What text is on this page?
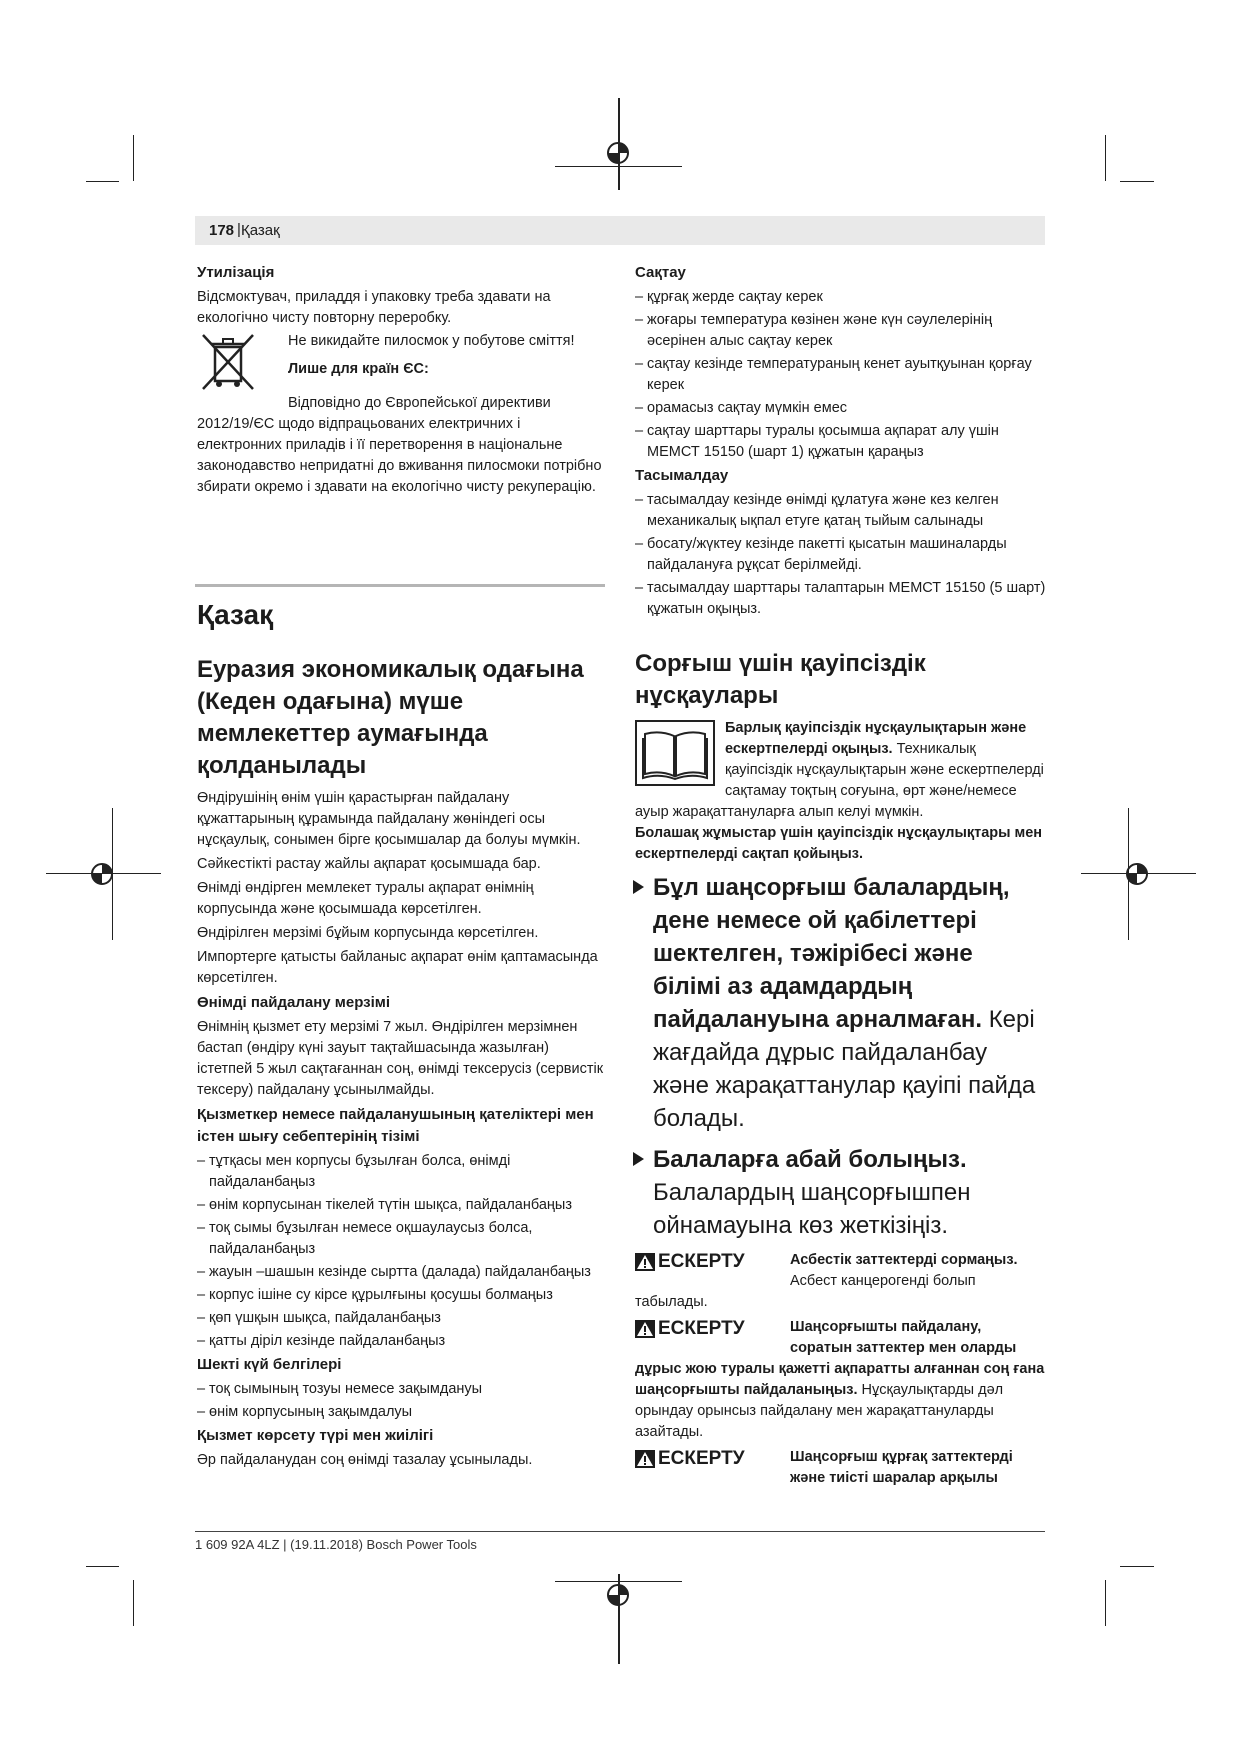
178 | Қазақ
Утилізація

Відсмоктувач, приладдя і упаковку треба здавати на екологічно чисту повторну переробку.

Не викидайте пилосмок у побутове сміття!

Лише для країн ЄС:

Відповідно до Європейської директиви

2012/19/ЄС щодо відпрацьованих електричних і електронних приладів і її перетворення в національне законодавство непридатні до вживання пилосмоки потрібно збирати окремо і здавати на екологічно чисту рекуперацію.

Қазақ
Еуразия экономикалық одағына (Кеден одағына) мүше мемлекеттер аумағында қолданылады

Өндірушінің өнім үшін қарастырған пайдалану құжаттарының құрамында пайдалану жөніндегі осы нұсқаулық, сонымен бірге қосымшалар да болуы мүмкін.

Сәйкестікті растау жайлы ақпарат қосымшада бар.

Өнімді өндірген мемлекет туралы ақпарат өнімнің корпусында және қосымшада көрсетілген.

Өндірілген мерзімі бұйым корпусында көрсетілген.

Импортерге қатысты байланыс ақпарат өнім қаптамасында көрсетілген.

Өнімді пайдалану мерзімі

Өнімнің қызмет ету мерзімі 7 жыл. Өндірілген мерзімнен бастап (өндіру күні зауыт тақтайшасында жазылған) істетпей 5 жыл сақтағаннан соң, өнімді тексерусіз (сервистік тексеру) пайдалану ұсынылмайды.

Қызметкер немесе пайдаланушының қателіктері мен істен шығу себептерінің тізімі
– тұтқасы мен корпусы бұзылған болса, өнімді пайдаланбаңыз
– өнім корпусынан тікелей түтін шықса, пайдаланбаңыз
– тоқ сымы бұзылған немесе оқшаулаусыз болса, пайдаланбаңыз
– жауын –шашын кезінде сыртта (далада) пайдаланбаңыз
– корпус ішіне су кірсе құрылғыны қосушы болмаңыз
– қөп үшқын шықса, пайдаланбаңыз
– қатты діріл кезінде пайдаланбаңыз
Шекті күй белгілері
– тоқ сымының тозуы немесе зақымдануы
– өнім корпусының зақымдалуы
Қызмет көрсету түрі мен жиілігі

Әр пайдаланудан соң өнімді тазалау ұсынылады.

Сақтау
– құрғақ жерде сақтау керек
– жоғары температура көзінен және күн сәулелерінің әсерінен алыс сақтау керек
– сақтау кезінде температураның кенет ауытқуынан қорғау керек
– орамасыз сақтау мүмкін емес
– сақтау шарттары туралы қосымша ақпарат алу үшін МЕМСТ 15150 (шарт 1) құжатын қараңыз
Тасымалдау
– тасымалдау кезінде өнімді құлатуға және кез келген механикалық ықпал етуге қатаң тыйым салынады
– босату/жүктеу кезінде пакетті қысатын машиналарды пайдалануға рұқсат берілмейді.
– тасымалдау шарттары талаптарын МЕМСТ 15150 (5 шарт) құжатын оқыңыз.
Сорғыш үшін қауіпсіздік нұсқаулары

Барлық қауіпсіздік нұсқаулықтарын және ескертпелерді оқыңыз. Техникалық қауіпсіздік нұсқаулықтарын және ескертпелерді сақтамау тоқтың соғуына, өрт және/немесе ауыр жарақаттануларға алып келуі мүмкін.

Болашақ жұмыстар үшін қауіпсіздік нұсқаулықтары мен ескертпелерді сақтап қойыңыз.

Бұл шаңсорғыш балалардың, дене немесе ой қабілеттері шектелген, тәжірібесі және білімі аз адамдардың пайдалануына арналмаған. Кері жағдайда дұрыс пайдаланбау және жарақаттанулар қауіпі пайда болады.
Балаларға абай болыңыз. Балалардың шаңсорғышпен ойнамауына көз жеткізіңіз.
ЕСКЕРТУ	Асбестік заттектерді сормаңыз. Асбест канцерогенді болып

табылады.

ЕСКЕРТУ	Шаңсорғышты пайдалану, соратын заттектер мен оларды

дұрыс жою туралы қажетті ақпаратты алғаннан соң ғана шаңсорғышты пайдаланыңыз. Нұсқаулықтарды дәл орындау орынсыз пайдалану мен жарақаттануларды азайтады.

ЕСКЕРТУ	Шаңсорғыш құрғақ заттектерді және тиісті шаралар арқылы
1 609 92A 4LZ | (19.11.2018) Bosch Power Tools
